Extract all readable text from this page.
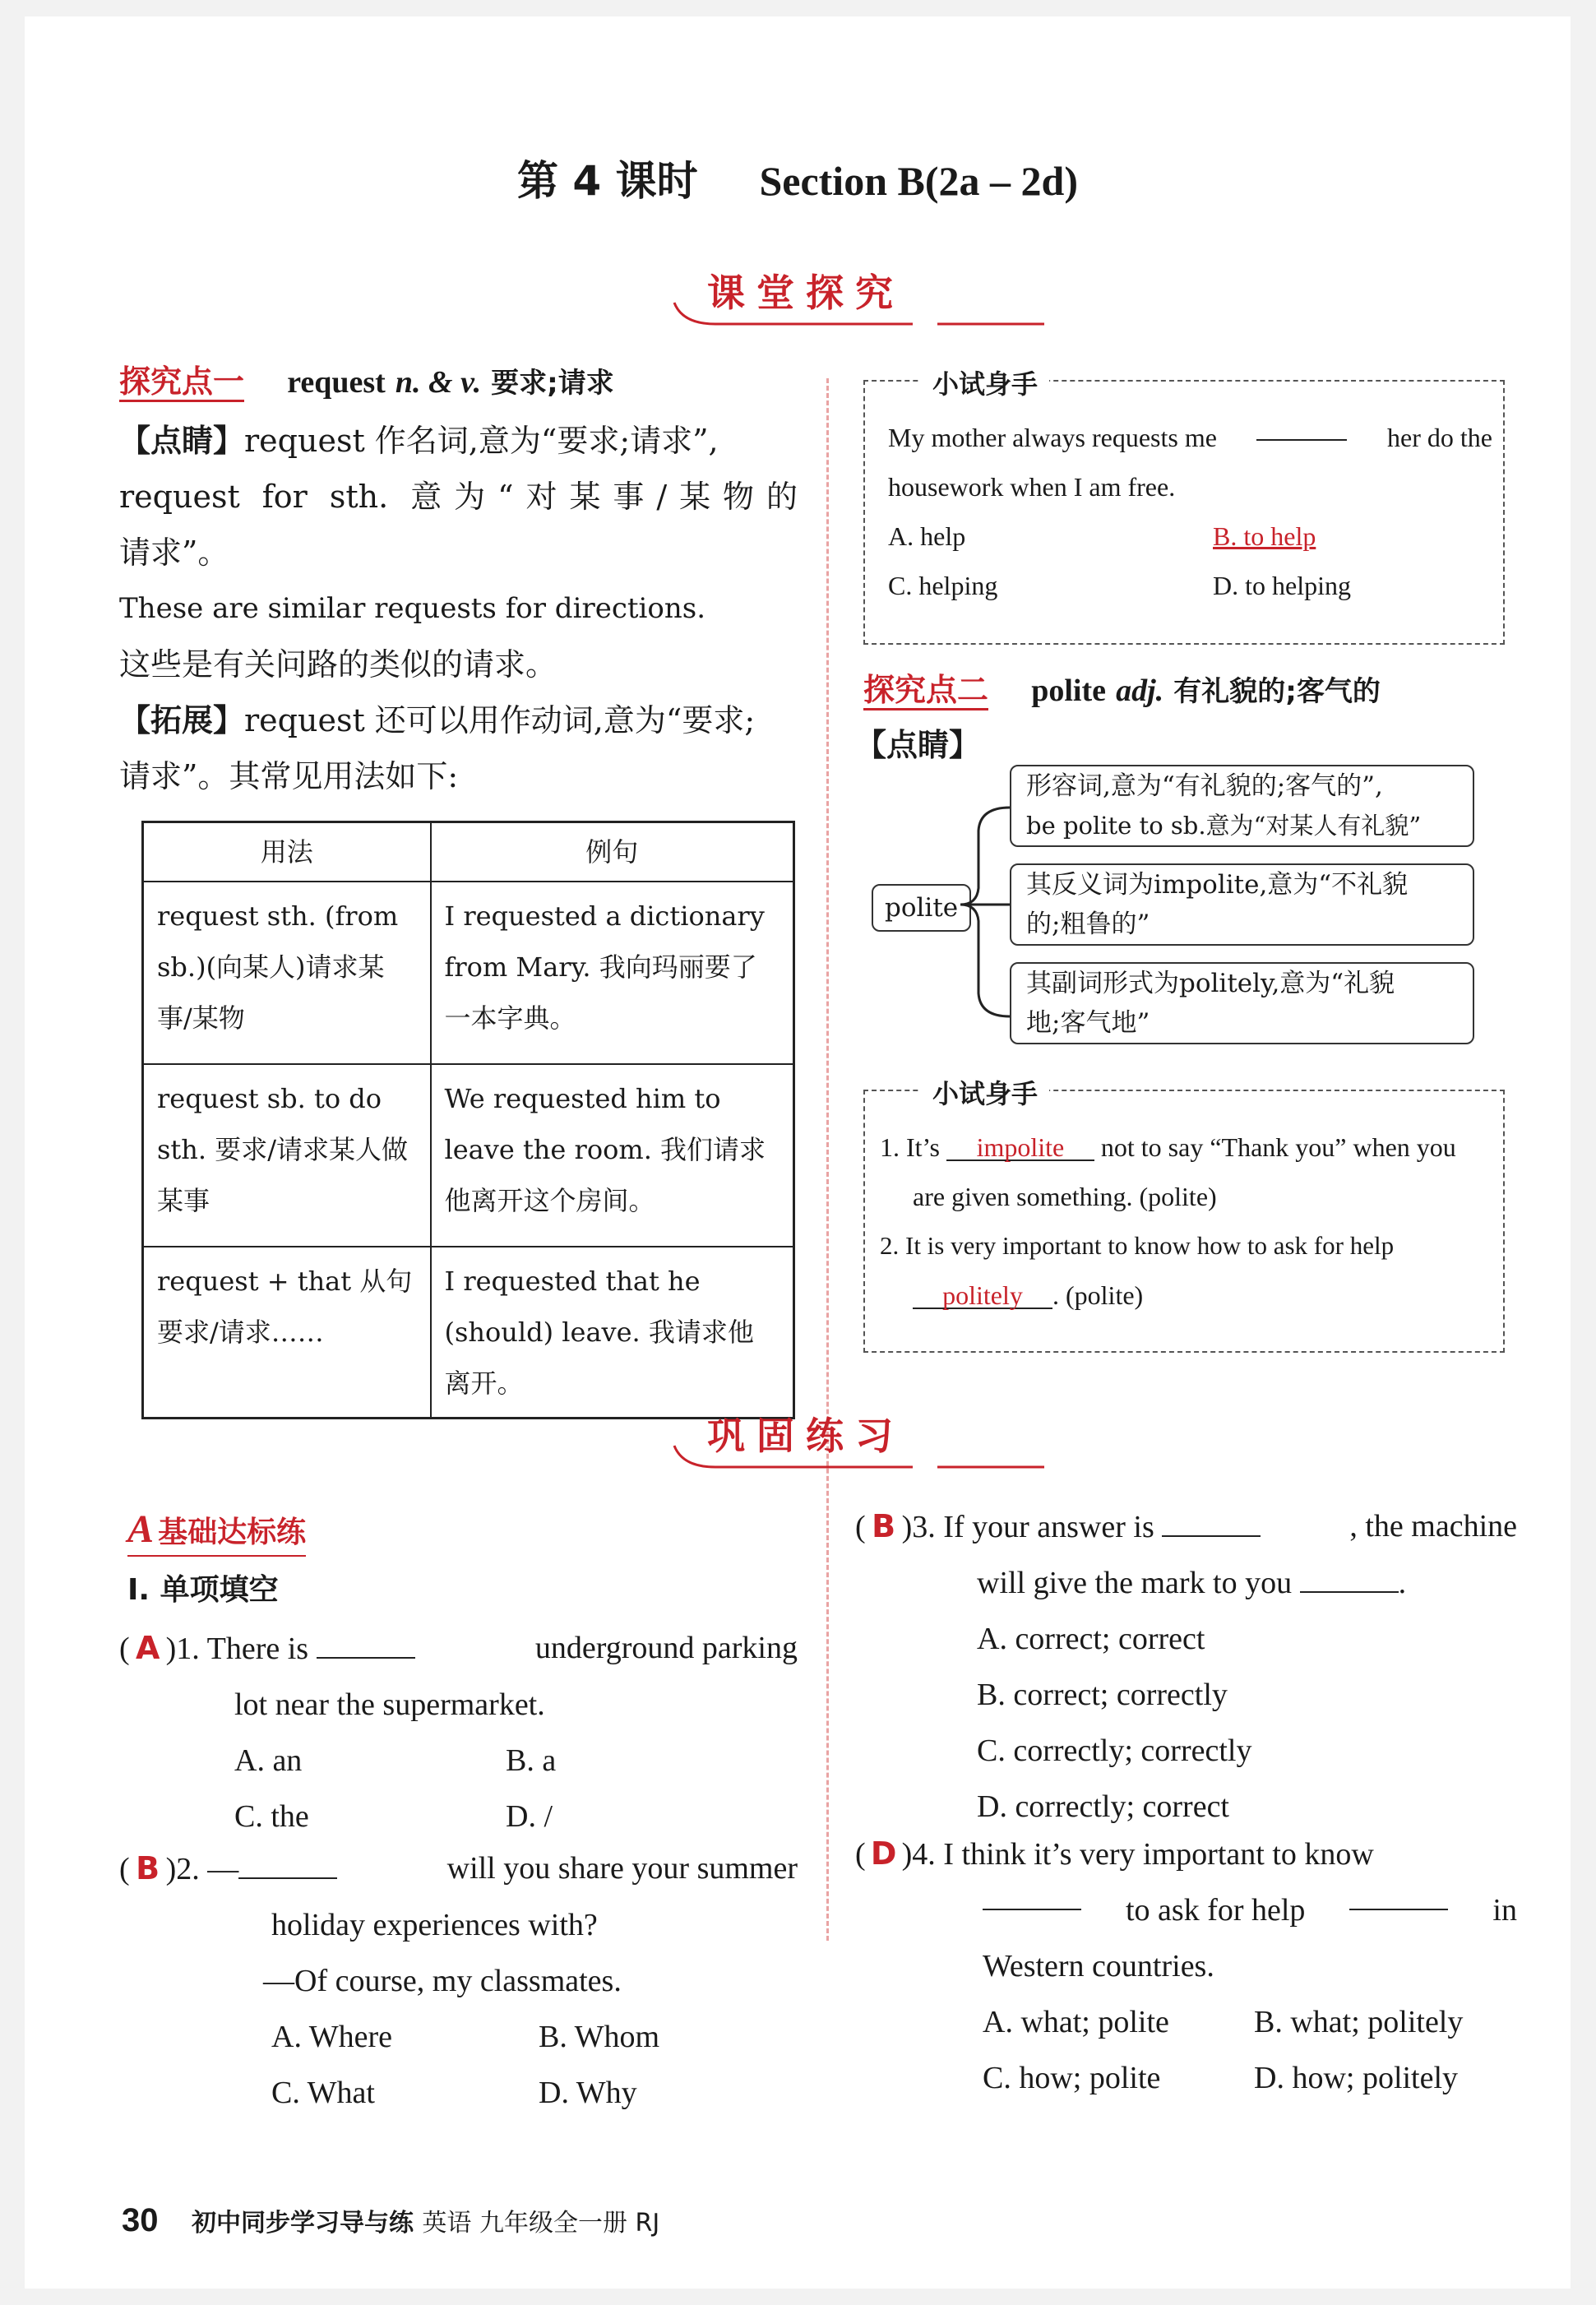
第 4 课时 Section B(2a – 2d)
课堂探究
探究点一 request n. & v. 要求;请求
【点睛】request 作名词,意为“要求;请求”,
request for sth. 意为“对某事/某物的
请求”。
These are similar requests for directions.
这些是有关问路的类似的请求。
【拓展】request 还可以用作动词,意为“要求;
请求”。其常见用法如下:
用法	例句
request sth. (from sb.)(向某人)请求某事/某物	I requested a dictionary from Mary. 我向玛丽要了一本字典。
request sb. to do sth. 要求/请求某人做某事	We requested him to leave the room. 我们请求他离开这个房间。
request + that 从句 要求/请求……	I requested that he (should) leave. 我请求他离开。
小试身手
My mother always requests me	her do the
housework when I am free.
A. help	B. to help
C. helping	D. to helping
探究点二 polite adj. 有礼貌的;客气的
【点睛】
polite
形容词,意为“有礼貌的;客气的”,
be polite to sb.意为“对某人有礼貌”
其反义词为impolite,意为“不礼貌
的;粗鲁的”
其副词形式为politely,意为“礼貌
地;客气地”
小试身手
1. It’s impolite not to say “Thank you” when you
are given something. (polite)
2. It is very important to know how to ask for help
politely . (polite)
巩固练习
A 基础达标练
Ⅰ. 单项填空
( A )1. There is	underground parking
lot near the supermarket.
A. an	B. a
C. the	D. /
( B )2. —	will you share your summer
holiday experiences with?
—Of course, my classmates.
A. Where	B. Whom
C. What	D. Why
( B )3. If your answer is	, the machine
will give the mark to you	.
A. correct; correct
B. correct; correctly
C. correctly; correctly
D. correctly; correct
( D )4. I think it’s very important to know
to ask for help	in
Western countries.
A. what; polite	B. what; politely
C. how; polite	D. how; politely
30 初中同步学习导与练 英语 九年级全一册 RJ
